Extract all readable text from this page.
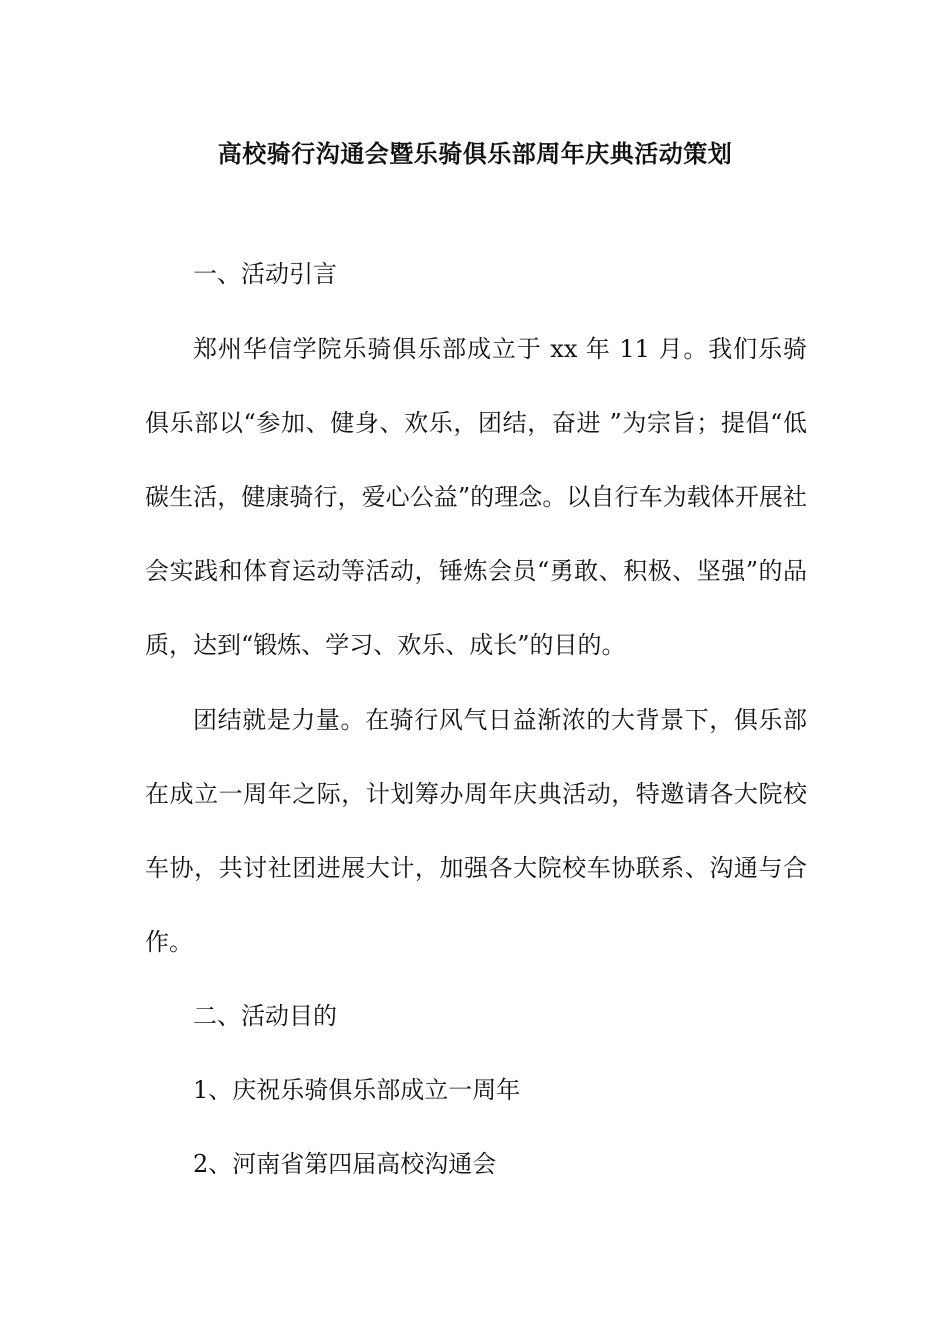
高校骑行沟通会暨乐骑俱乐部周年庆典活动策划

一、活动引言

郑州华信学院乐骑俱乐部成立于 xx 年 11 月。我们乐骑俱乐部以“参加、健身、欢乐，团结，奋进 ”为宗旨；提倡“低碳生活，健康骑行，爱心公益”的理念。以自行车为载体开展社会实践和体育运动等活动，锤炼会员“勇敢、积极、坚强”的品质，达到“锻炼、学习、欢乐、成长”的目的。

团结就是力量。在骑行风气日益渐浓的大背景下，俱乐部在成立一周年之际，计划筹办周年庆典活动，特邀请各大院校车协，共讨社团进展大计，加强各大院校车协联系、沟通与合作。

二、活动目的

1、庆祝乐骑俱乐部成立一周年

2、河南省第四届高校沟通会
